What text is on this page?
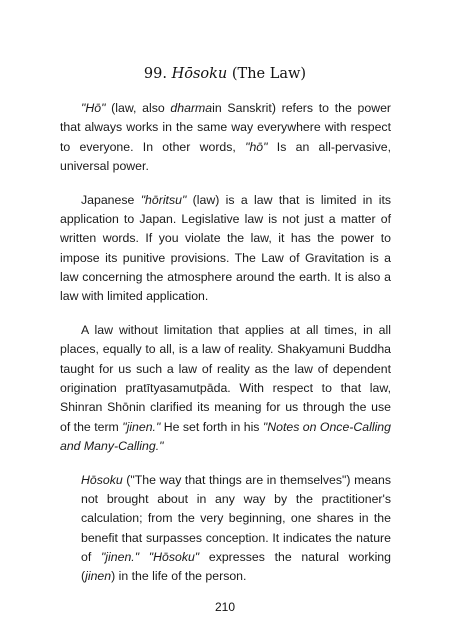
99. Hōsoku (The Law)

"Hō" (law, also dharmain Sanskrit) refers to the power that always works in the same way everywhere with respect to everyone. In other words, "hō" Is an all-pervasive, universal power.

Japanese "hōritsu" (law) is a law that is limited in its application to Japan. Legislative law is not just a matter of written words. If you violate the law, it has the power to impose its punitive provisions. The Law of Gravitation is a law concerning the atmosphere around the earth. It is also a law with limited application.

A law without limitation that applies at all times, in all places, equally to all, is a law of reality. Shakyamuni Buddha taught for us such a law of reality as the law of dependent origination pratītyasamutpāda. With respect to that law, Shinran Shōnin clarified its meaning for us through the use of the term "jinen." He set forth in his "Notes on Once-Calling and Many-Calling."

Hōsoku ("The way that things are in themselves") means not brought about in any way by the practitioner's calculation; from the very beginning, one shares in the benefit that surpasses conception. It indicates the nature of "jinen." "Hōsoku" expresses the natural working (jinen) in the life of the person.
210
